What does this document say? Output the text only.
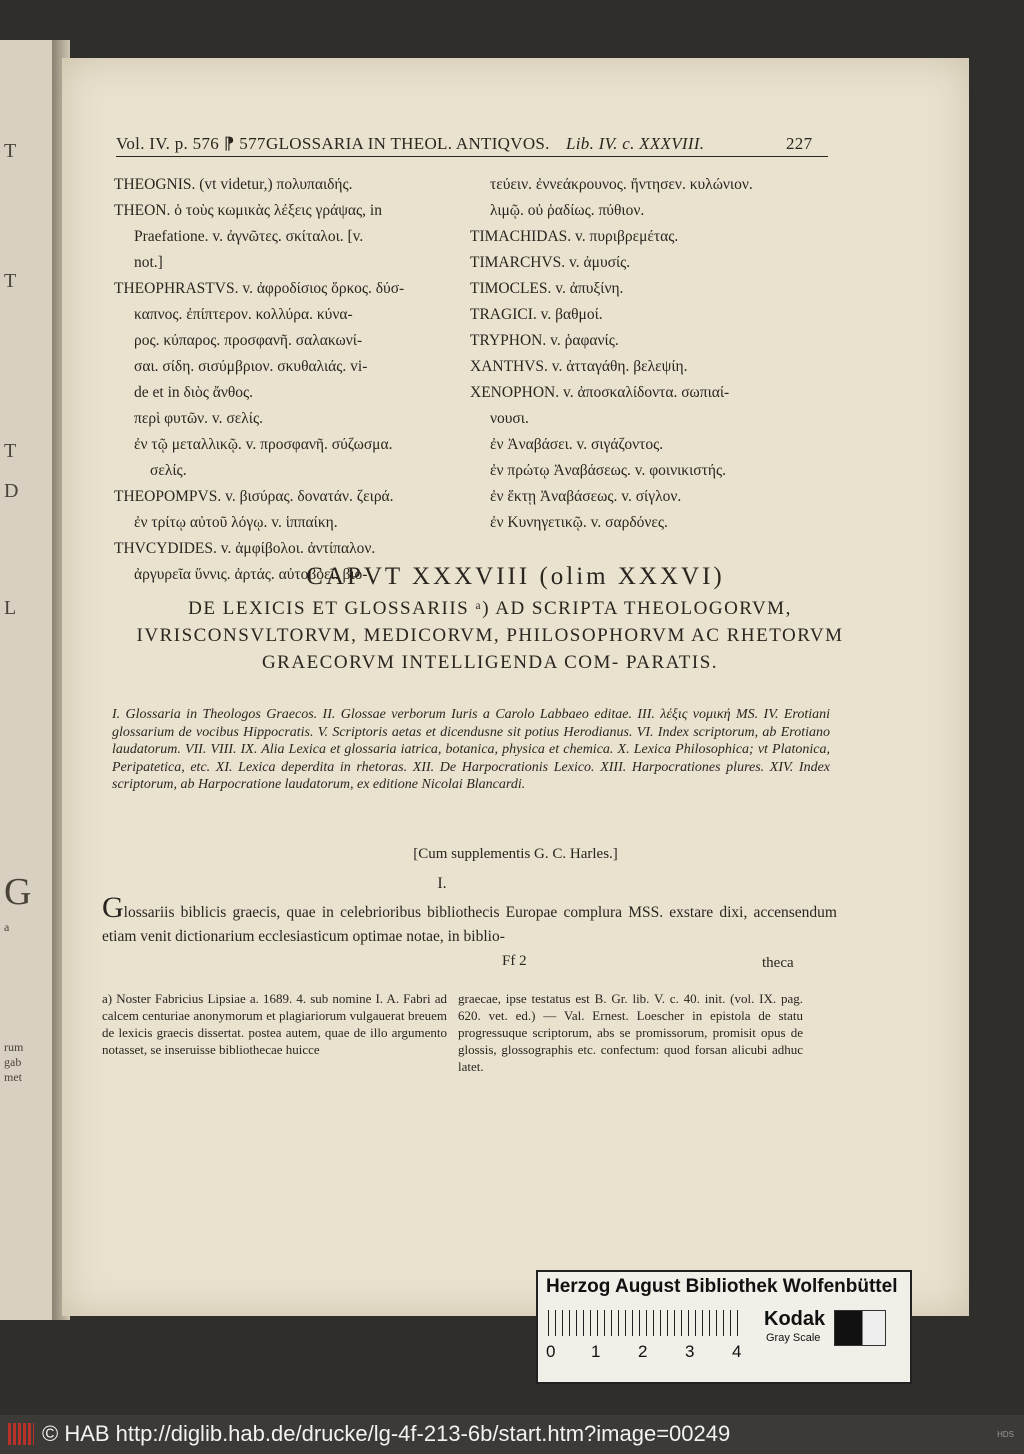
T
T
T
D
L
G
a
rum
gab
met
Vol. IV. p. 576 ⁋ 577 GLOSSARIA IN THEOL. ANTIQVOS. Lib. IV. c. XXXVIII.	227

THEOGNIS. (vt videtur,) πολυπαιδής.

THEON. ὁ τοὺς κωμικὰς λέξεις γράψας, in

Praefatione. v. ἀγνῶτες. σκίταλοι. [v.

not.]

THEOPHRASTVS. v. ἀφροδίσιος ὅρκος. δύσ-

καπνος. ἐπίπτερον. κολλύρα. κύνα-

ρος. κύπαρος. προσφανῆ. σαλακωνί-

σαι. σίδη. σισύμβριον. σκυθαλιάς. vi-

de et in διὸς ἄνθος.

περὶ φυτῶν. v. σελίς.

ἐν τῷ μεταλλικῷ. v. προσφανῆ. σύζωσμα.

σελίς.

THEOPOMPVS. v. βισύρας. δονατάν. ζειρά.

ἐν τρίτῳ αὐτοῦ λόγῳ. v. ἱππαίκη.

THVCYDIDES. v. ἀμφίβολοι. ἀντίπαλον.

ἀργυρεῖα ὕννις. ἀρτάς. αὐτοβοεῖ. βιο-

τεύειν. ἐννεάκρουνος. ἤντησεν. κυλώνιον.

λιμῷ. οὐ ῥαδίως. πύθιον.

TIMACHIDAS. v. πυριβρεμέτας.

TIMARCHVS. v. ἀμυσίς.

TIMOCLES. v. ἀπυξίνη.

TRAGICI. v. βαθμοί.

TRYPHON. v. ῥαφανίς.

XANTHVS. v. ἀτταγάθη. βελεψίη.

XENOPHON. v. ἀποσκαλίδοντα. σωπιαί-

νουσι.

ἐν Ἀναβάσει. v. σιγάζοντος.

ἐν πρώτῳ Ἀναβάσεως. v. φοινικιστής.

ἐν ἕκτῃ Ἀναβάσεως. v. σίγλον.

ἐν Κυνηγετικῷ. v. σαρδόνες.

CAPVT XXXVIII (olim XXXVI)
DE LEXICIS ET GLOSSARIIS ᵃ) AD SCRIPTA THEOLOGORVM, IVRISCONSVLTORVM, MEDICORVM, PHILOSOPHORVM AC RHETORVM GRAECORVM INTELLIGENDA COM- PARATIS.
I. Glossaria in Theologos Graecos. II. Glossae verborum Iuris a Carolo Labbaeo editae. III. λέξις νομική MS. IV. Erotiani glossarium de vocibus Hippocratis. V. Scriptoris aetas et dicendusne sit potius Herodianus. VI. Index scriptorum, ab Erotiano laudatorum. VII. VIII. IX. Alia Lexica et glossaria iatrica, botanica, physica et chemica. X. Lexica Philosophica; vt Platonica, Peripatetica, etc. XI. Lexica deperdita in rhetoras. XII. De Harpocrationis Lexico. XIII. Harpocrationes plures. XIV. Index scriptorum, ab Harpocratione laudatorum, ex editione Nicolai Blancardi.
[Cum supplementis G. C. Harles.]
I.
Glossariis biblicis graecis, quae in celebrioribus bibliothecis Europae complura MSS. exstare dixi, accensendum etiam venit dictionarium ecclesiasticum optimae notae, in biblio-
Ff 2	theca
a) Noster Fabricius Lipsiae a. 1689. 4. sub nomine I. A. Fabri ad calcem centuriae anonymorum et plagiariorum vulgauerat breuem de lexicis graecis dissertat. postea autem, quae de illo argumento notasset, se inseruisse bibliothecae huicce
graecae, ipse testatus est B. Gr. lib. V. c. 40. init. (vol. IX. pag. 620. vet. ed.) — Val. Ernest. Loescher in epistola de statu progressuque scriptorum, abs se promissorum, promisit opus de glossis, glossographis etc. confectum: quod forsan alicubi adhuc latet.
Herzog August Bibliothek Wolfenbüttel
0 1 2 3 4
Kodak
Gray Scale
© HAB http://diglib.hab.de/drucke/lg-4f-213-6b/start.htm?image=00249	HDS
